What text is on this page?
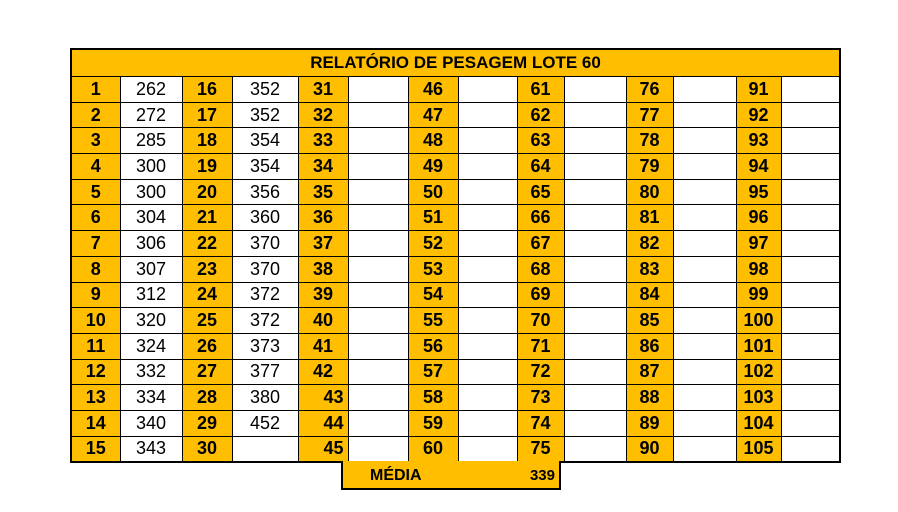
RELATÓRIO DE PESAGEM LOTE 60
1	262	16	352	31		46		61		76		91	
2	272	17	352	32		47		62		77		92	
3	285	18	354	33		48		63		78		93	
4	300	19	354	34		49		64		79		94	
5	300	20	356	35		50		65		80		95	
6	304	21	360	36		51		66		81		96	
7	306	22	370	37		52		67		82		97	
8	307	23	370	38		53		68		83		98	
9	312	24	372	39		54		69		84		99	
10	320	25	372	40		55		70		85		100	
11	324	26	373	41		56		71		86		101	
12	332	27	377	42		57		72		87		102	
13	334	28	380	43		58		73		88		103	
14	340	29	452	44		59		74		89		104	
15	343	30		45		60		75		90		105	
MÉDIA	339
